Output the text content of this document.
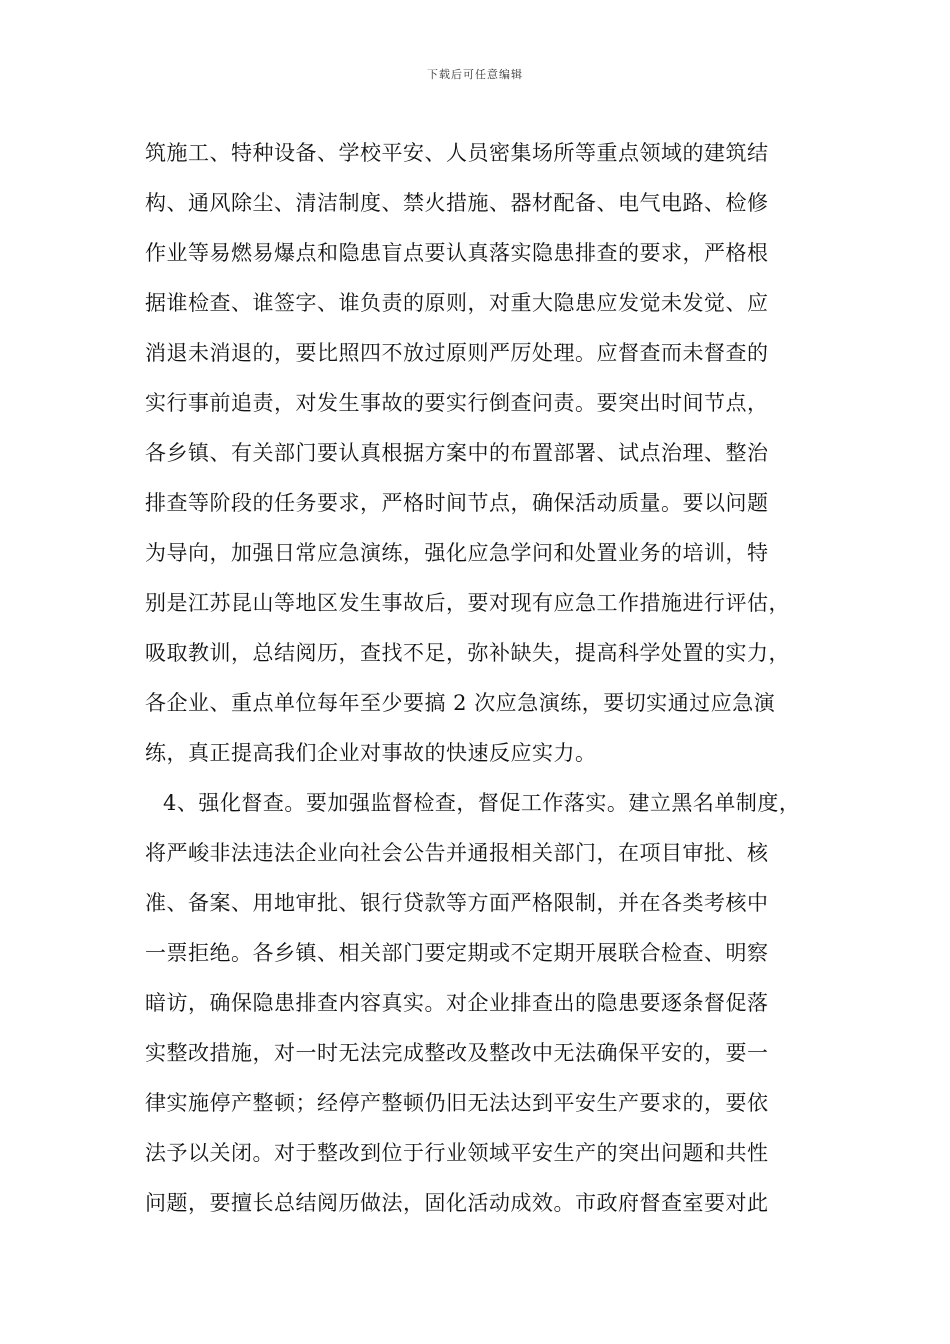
下载后可任意编辑
筑施工、特种设备、学校平安、人员密集场所等重点领域的建筑结
构、通风除尘、清洁制度、禁火措施、器材配备、电气电路、检修
作业等易燃易爆点和隐患盲点要认真落实隐患排查的要求，严格根
据谁检查、谁签字、谁负责的原则，对重大隐患应发觉未发觉、应
消退未消退的，要比照四不放过原则严厉处理。应督查而未督查的
实行事前追责，对发生事故的要实行倒查问责。要突出时间节点，
各乡镇、有关部门要认真根据方案中的布置部署、试点治理、整治
排查等阶段的任务要求，严格时间节点，确保活动质量。要以问题
为导向，加强日常应急演练，强化应急学问和处置业务的培训，特
别是江苏昆山等地区发生事故后，要对现有应急工作措施进行评估，
吸取教训，总结阅历，查找不足，弥补缺失，提高科学处置的实力，
各企业、重点单位每年至少要搞 2 次应急演练，要切实通过应急演
练，真正提高我们企业对事故的快速反应实力。
4、强化督查。要加强监督检查，督促工作落实。建立黑名单制度，
将严峻非法违法企业向社会公告并通报相关部门，在项目审批、核
准、备案、用地审批、银行贷款等方面严格限制，并在各类考核中
一票拒绝。各乡镇、相关部门要定期或不定期开展联合检查、明察
暗访，确保隐患排查内容真实。对企业排查出的隐患要逐条督促落
实整改措施，对一时无法完成整改及整改中无法确保平安的，要一
律实施停产整顿；经停产整顿仍旧无法达到平安生产要求的，要依
法予以关闭。对于整改到位于行业领域平安生产的突出问题和共性
问题，要擅长总结阅历做法，固化活动成效。市政府督查室要对此
